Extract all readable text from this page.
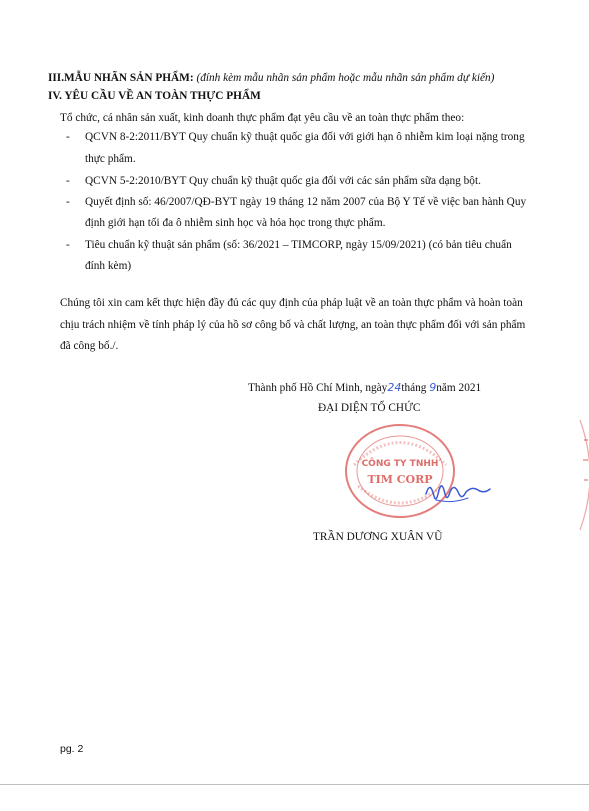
III.MẪU NHÃN SẢN PHẨM: (đính kèm mẫu nhãn sản phẩm hoặc mẫu nhãn sản phẩm dự kiến)
IV. YÊU CẦU VỀ AN TOÀN THỰC PHẨM
Tổ chức, cá nhân sản xuất, kinh doanh thực phẩm đạt yêu cầu về an toàn thực phẩm theo:
- QCVN 8-2:2011/BYT Quy chuẩn kỹ thuật quốc gia đối với giới hạn ô nhiễm kim loại nặng trong
thực phẩm.
- QCVN 5-2:2010/BYT Quy chuẩn kỹ thuật quốc gia đối với các sản phẩm sữa dạng bột.
- Quyết định số: 46/2007/QĐ-BYT ngày 19 tháng 12 năm 2007 của Bộ Y Tế về việc ban hành Quy
định giới hạn tối đa ô nhiễm sinh học và hóa học trong thực phẩm.
- Tiêu chuẩn kỹ thuật sản phẩm (số: 36/2021 – TIMCORP, ngày 15/09/2021) (có bản tiêu chuẩn
đính kèm)
Chúng tôi xin cam kết thực hiện đầy đủ các quy định của pháp luật về an toàn thực phẩm và hoàn toàn
chịu trách nhiệm về tính pháp lý của hồ sơ công bố và chất lượng, an toàn thực phẩm đối với sản phẩm
đã công bố./.
Thành phố Hồ Chí Minh, ngày24tháng 9năm 2021
ĐẠI DIỆN TỔ CHỨC
CÔNG TY TNHH
TIM CORP
TRẦN DƯƠNG XUÂN VŨ
pg. 2
